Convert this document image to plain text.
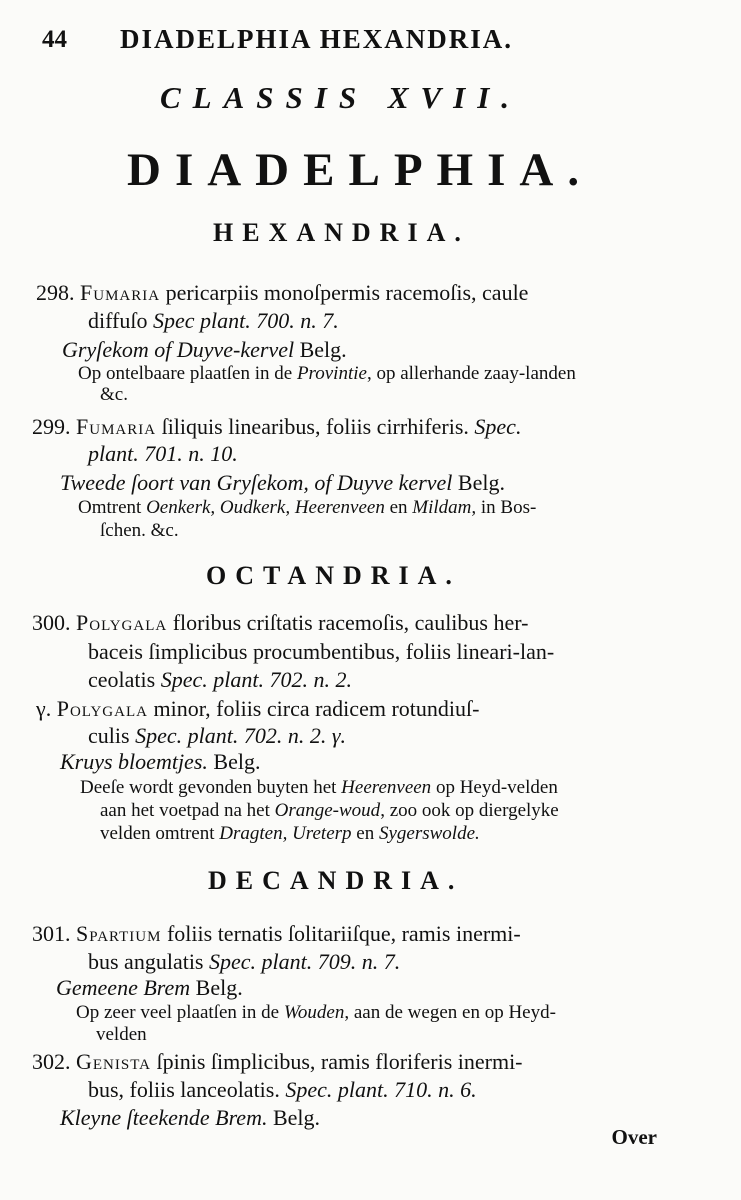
44 DIADELPHIA HEXANDRIA.
CLASSIS XVII.
DIADELPHIA.
HEXANDRIA.
298. Fumaria pericarpiis monoſpermis racemoſis, caule
diffuſo Spec plant. 700. n. 7.
Gryſekom of Duyve-kervel Belg.
Op ontelbaare plaatſen in de Provintie, op allerhande zaay-landen
&c.
299. Fumaria ſiliquis linearibus, foliis cirrhiferis. Spec.
plant. 701. n. 10.
Tweede ſoort van Gryſekom, of Duyve kervel Belg.
Omtrent Oenkerk, Oudkerk, Heerenveen en Mildam, in Bos-
ſchen. &c.
OCTANDRIA.
300. Polygala floribus criſtatis racemoſis, caulibus her-
baceis ſimplicibus procumbentibus, foliis lineari-lan-
ceolatis Spec. plant. 702. n. 2.
γ. Polygala minor, foliis circa radicem rotundiuſ-
culis Spec. plant. 702. n. 2. γ.
Kruys bloemtjes. Belg.
Deeſe wordt gevonden buyten het Heerenveen op Heyd-velden
aan het voetpad na het Orange-woud, zoo ook op diergelyke
velden omtrent Dragten, Ureterp en Sygerswolde.
DECANDRIA.
301. Spartium foliis ternatis ſolitariiſque, ramis inermi-
bus angulatis Spec. plant. 709. n. 7.
Gemeene Brem Belg.
Op zeer veel plaatſen in de Wouden, aan de wegen en op Heyd-
velden
302. Genista ſpinis ſimplicibus, ramis floriferis inermi-
bus, foliis lanceolatis. Spec. plant. 710. n. 6.
Kleyne ſteekende Brem. Belg.
Over
